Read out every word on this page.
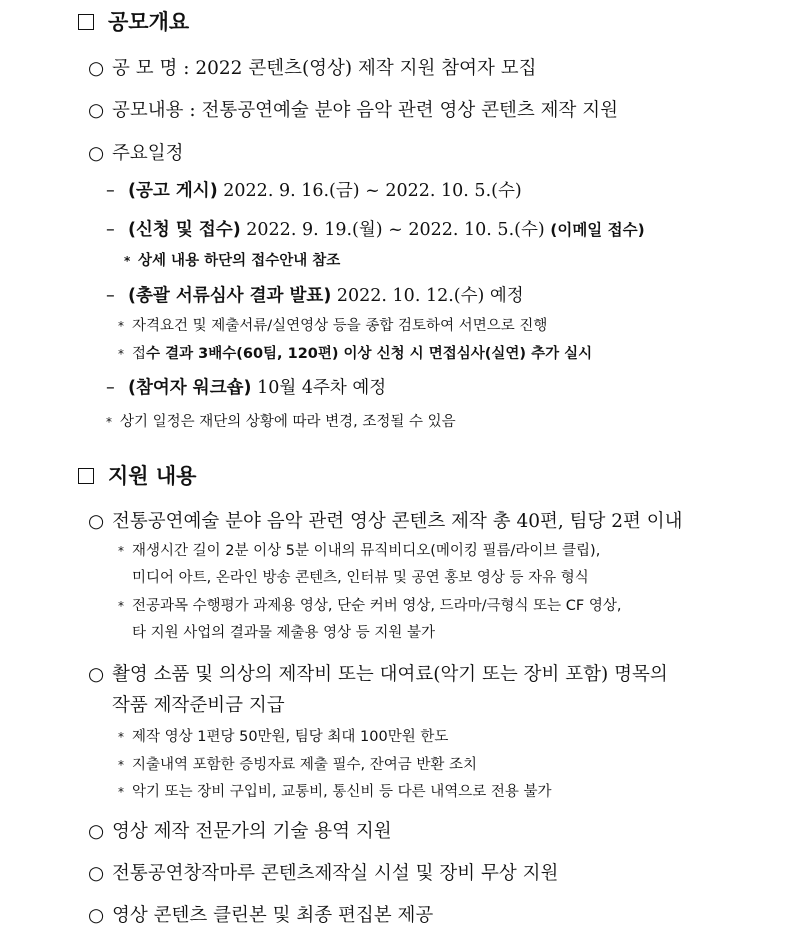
공모개요
○ 공 모 명 : 2022 콘텐츠(영상) 제작 지원 참여자 모집
○ 공모내용 : 전통공연예술 분야 음악 관련 영상 콘텐츠 제작 지원
○ 주요일정
– (공고 게시) 2022. 9. 16.(금) ~ 2022. 10. 5.(수)
– (신청 및 접수) 2022. 9. 19.(월) ~ 2022. 10. 5.(수) (이메일 접수)
* 상세 내용 하단의 접수안내 참조
– (총괄 서류심사 결과 발표) 2022. 10. 12.(수) 예정
* 자격요건 및 제출서류/실연영상 등을 종합 검토하여 서면으로 진행
* 접수 결과 3배수(60팀, 120편) 이상 신청 시 면접심사(실연) 추가 실시
– (참여자 워크숍) 10월 4주차 예정
* 상기 일정은 재단의 상황에 따라 변경, 조정될 수 있음
지원 내용
○ 전통공연예술 분야 음악 관련 영상 콘텐츠 제작 총 40편, 팀당 2편 이내
* 재생시간 길이 2분 이상 5분 이내의 뮤직비디오(메이킹 필름/라이브 클립),
미디어 아트, 온라인 방송 콘텐츠, 인터뷰 및 공연 홍보 영상 등 자유 형식
* 전공과목 수행평가 과제용 영상, 단순 커버 영상, 드라마/극형식 또는 CF 영상,
타 지원 사업의 결과물 제출용 영상 등 지원 불가
○ 촬영 소품 및 의상의 제작비 또는 대여료(악기 또는 장비 포함) 명목의
작품 제작준비금 지급
* 제작 영상 1편당 50만원, 팀당 최대 100만원 한도
* 지출내역 포함한 증빙자료 제출 필수, 잔여금 반환 조치
* 악기 또는 장비 구입비, 교통비, 통신비 등 다른 내역으로 전용 불가
○ 영상 제작 전문가의 기술 용역 지원
○ 전통공연창작마루 콘텐츠제작실 시설 및 장비 무상 지원
○ 영상 콘텐츠 클린본 및 최종 편집본 제공
